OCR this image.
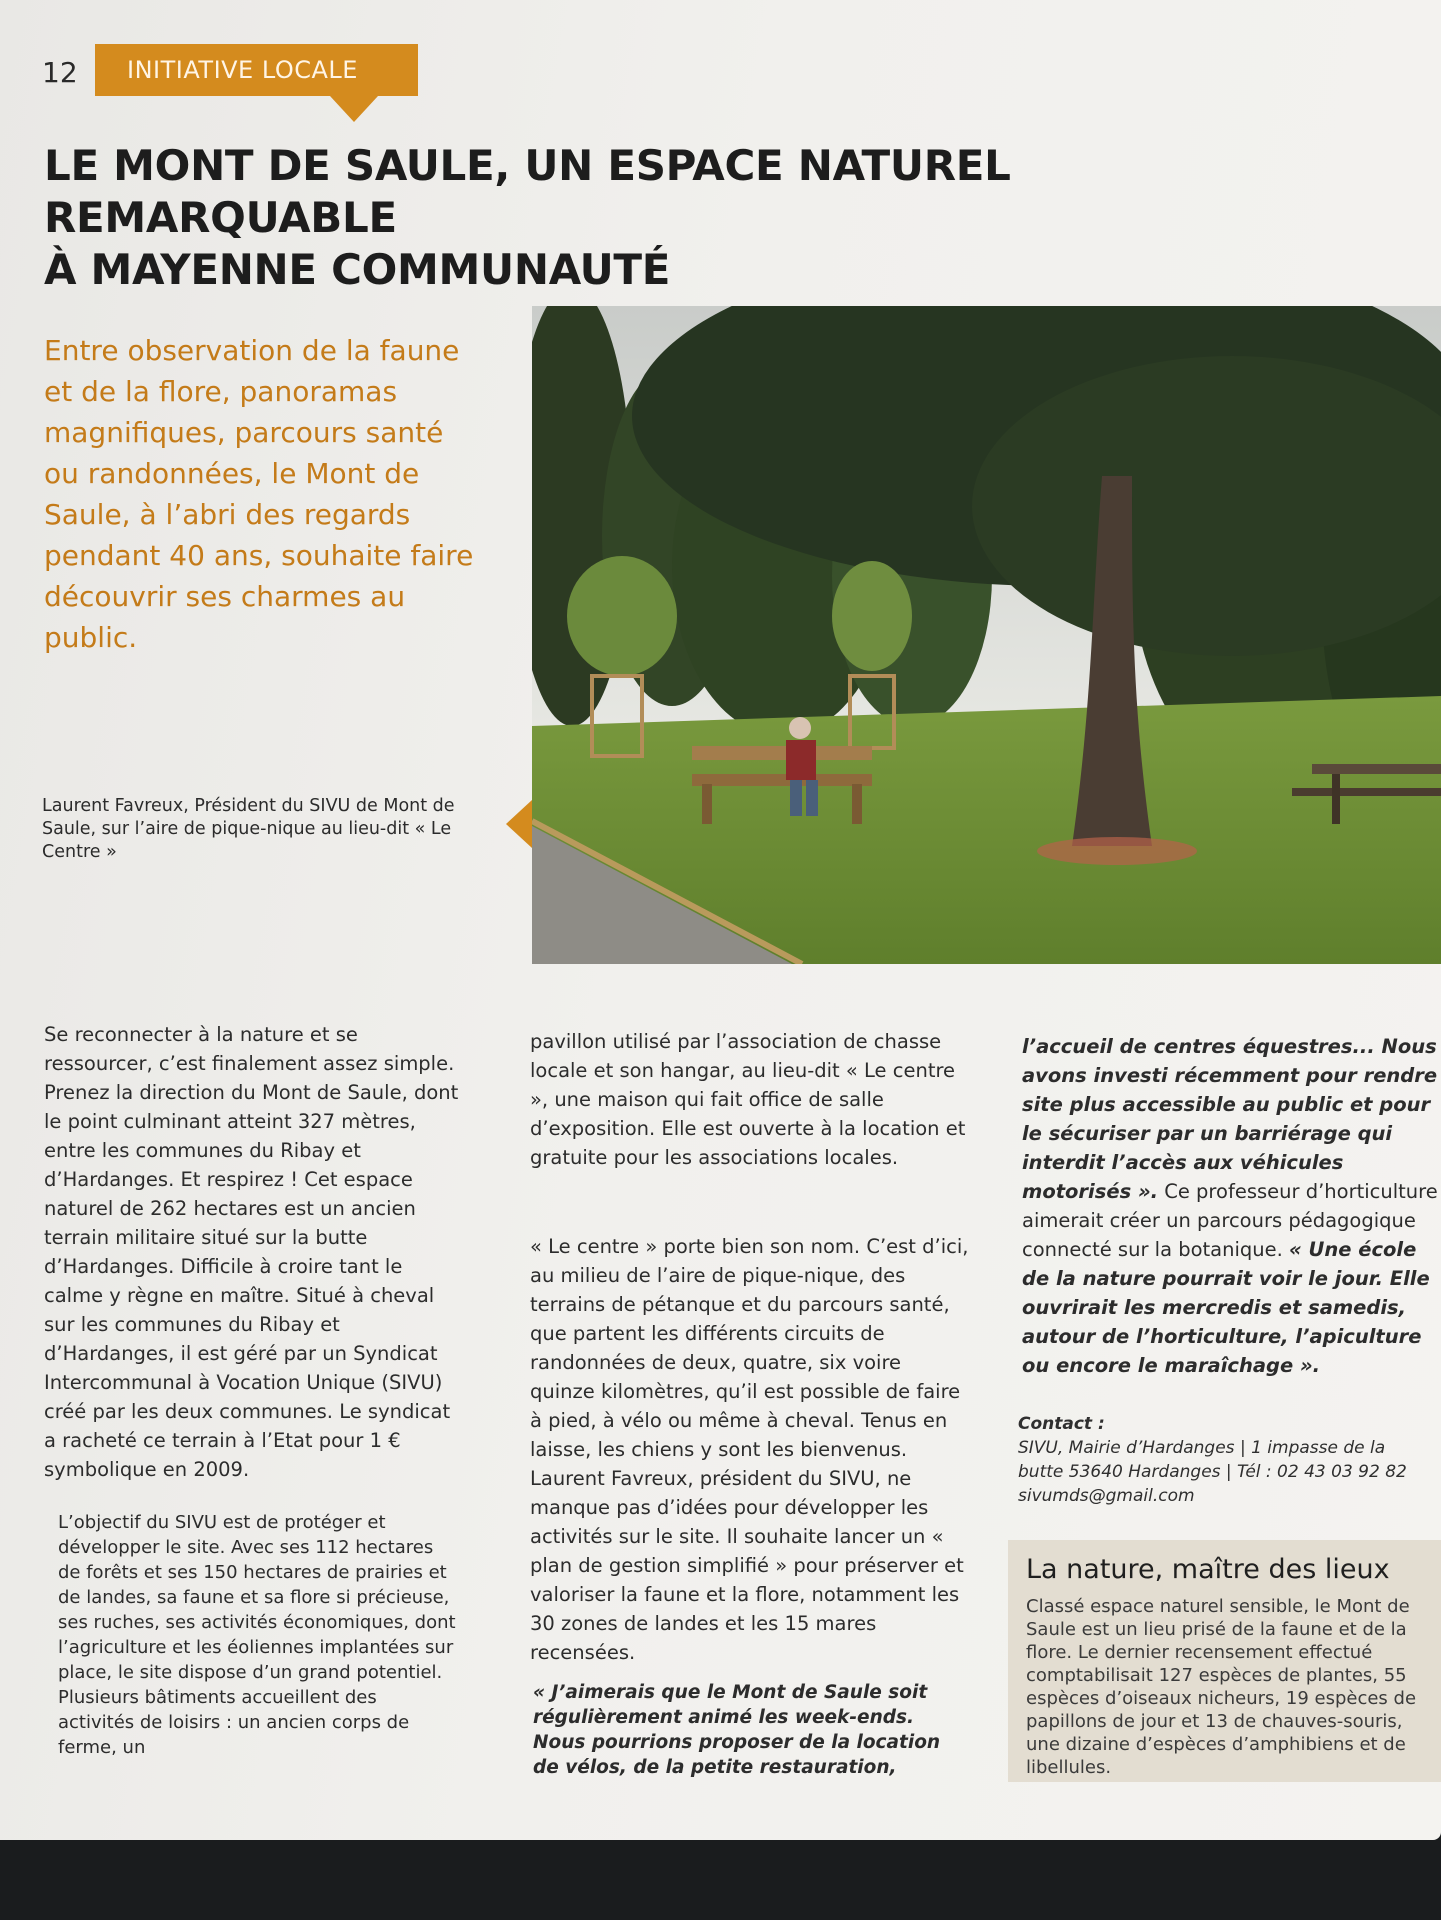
12 INITIATIVE LOCALE
LE MONT DE SAULE, UN ESPACE NATUREL REMARQUABLE
À MAYENNE COMMUNAUTÉ
Entre observation de la faune et de la flore, panoramas magnifiques, parcours santé ou randonnées, le Mont de Saule, à l’abri des regards pendant 40 ans, souhaite faire découvrir ses charmes au public.
Laurent Favreux, Président du SIVU de Mont de Saule, sur l’aire de pique-nique au lieu-dit « Le Centre »

Se reconnecter à la nature et se ressourcer, c’est finalement assez simple. Prenez la direction du Mont de Saule, dont le point culminant atteint 327 mètres, entre les communes du Ribay et d’Hardanges. Et respirez ! Cet espace naturel de 262 hectares est un ancien terrain militaire situé sur la butte d’Hardanges. Difficile à croire tant le calme y règne en maître. Situé à cheval sur les communes du Ribay et d’Hardanges, il est géré par un Syndicat Intercommunal à Vocation Unique (SIVU) créé par les deux communes. Le syndicat a racheté ce terrain à l’Etat pour 1 € symbolique en 2009.

L’objectif du SIVU est de protéger et développer le site. Avec ses 112 hectares de forêts et ses 150 hectares de prairies et de landes, sa faune et sa flore si précieuse, ses ruches, ses activités économiques, dont l’agriculture et les éoliennes implantées sur place, le site dispose d’un grand potentiel. Plusieurs bâtiments accueillent des activités de loisirs : un ancien corps de ferme, un

pavillon utilisé par l’association de chasse locale et son hangar, au lieu-dit « Le centre », une maison qui fait office de salle d’exposition. Elle est ouverte à la location et gratuite pour les associations locales.

« Le centre » porte bien son nom. C’est d’ici, au milieu de l’aire de pique-nique, des terrains de pétanque et du parcours santé, que partent les différents circuits de randonnées de deux, quatre, six voire quinze kilomètres, qu’il est possible de faire à pied, à vélo ou même à cheval. Tenus en laisse, les chiens y sont les bienvenus. Laurent Favreux, président du SIVU, ne manque pas d’idées pour développer les activités sur le site. Il souhaite lancer un « plan de gestion simplifié » pour préserver et valoriser la faune et la flore, notamment les 30 zones de landes et les 15 mares recensées.

« J’aimerais que le Mont de Saule soit régulièrement animé les week-ends. Nous pourrions proposer de la location de vélos, de la petite restauration,

l’accueil de centres équestres... Nous avons investi récemment pour rendre site plus accessible au public et pour le sécuriser par un barriérage qui interdit l’accès aux véhicules motorisés ». Ce professeur d’horticulture aimerait créer un parcours pédagogique connecté sur la botanique. « Une école de la nature pourrait voir le jour. Elle ouvrirait les mercredis et samedis, autour de l’horticulture, l’apiculture ou encore le maraîchage ».

Contact :
SIVU, Mairie d’Hardanges | 1 impasse de la
butte 53640 Hardanges | Tél : 02 43 03 92 82
sivumds@gmail.com
La nature, maître des lieux
Classé espace naturel sensible, le Mont de Saule est un lieu prisé de la faune et de la flore. Le dernier recensement effectué comptabilisait 127 espèces de plantes, 55 espèces d’oiseaux nicheurs, 19 espèces de papillons de jour et 13 de chauves-souris, une dizaine d’espèces d’amphibiens et de libellules.
